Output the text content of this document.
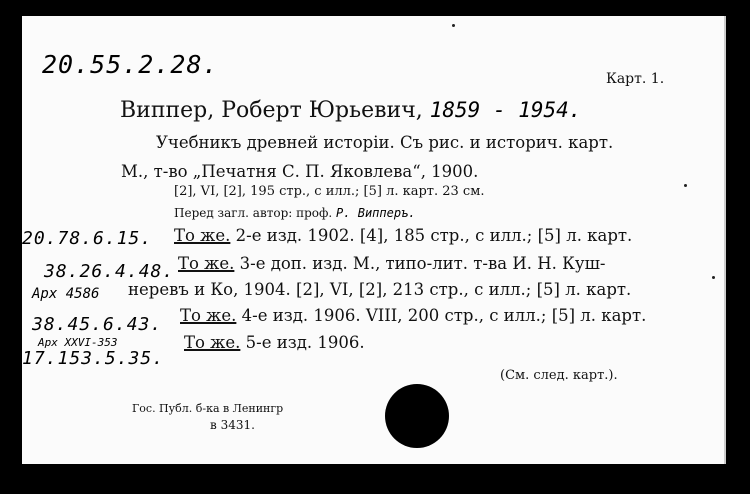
20.55.2.28.	Карт. 1.
Виппер, Роберт Юрьевич, 1859 - 1954.
Учебникъ древней исторіи. Съ рис. и историч. карт.
М., т-во „Печатня С. П. Яковлева“, 1900.
[2], VI, [2], 195 стр., с илл.; [5] л. карт. 23 см.
Перед загл. автор: проф. Р. Випперъ.
20.78.6.15. То же. 2-е изд. 1902. [4], 185 стр., с илл.; [5] л. карт.
38.26.4.48. То же. 3-е доп. изд. М., типо-лит. т-ва И. Н. Куш-
Арх 4586 неревъ и Ко, 1904. [2], VI, [2], 213 стр., с илл.; [5] л. карт.
38.45.6.43. То же. 4-е изд. 1906. VIII, 200 стр., с илл.; [5] л. карт.
Арх XXVI-353
17.153.5.35.
То же. 5-е изд. 1906.
(См. след. карт.).
Гос. Публ. б-ка в Ленингр
в 3431.
